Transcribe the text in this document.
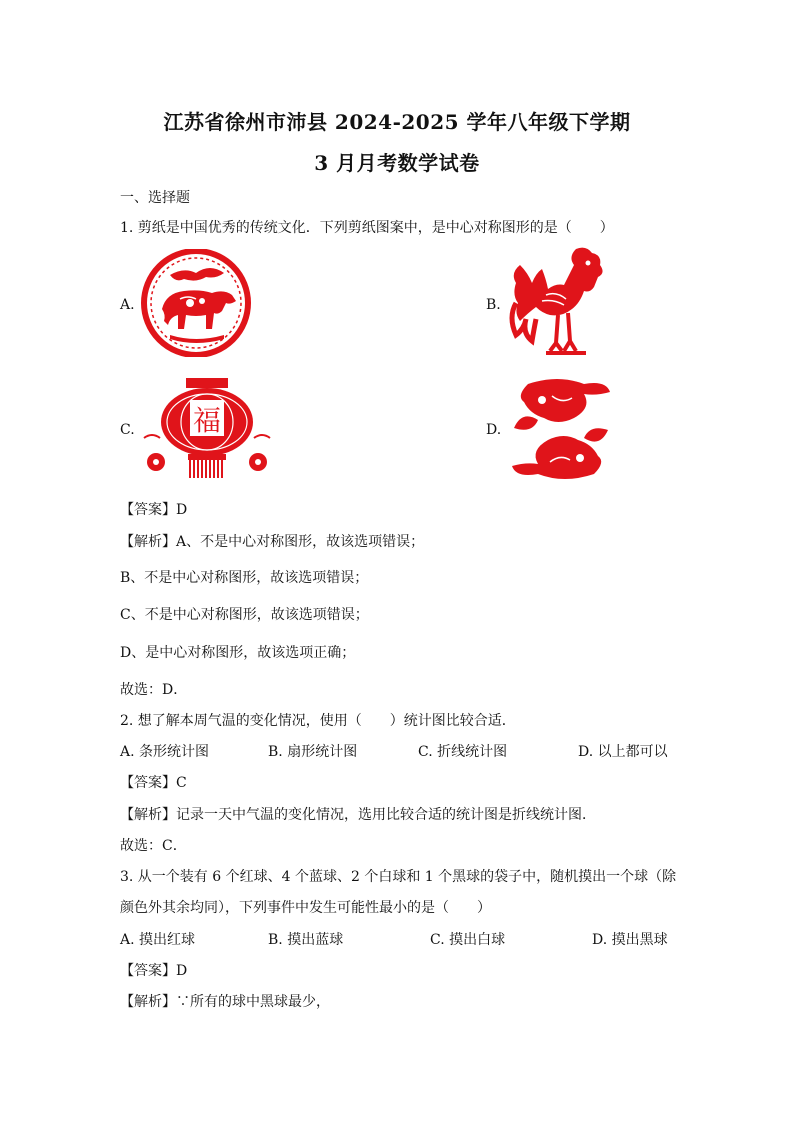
江苏省徐州市沛县 2024-2025 学年八年级下学期
3 月月考数学试卷
一、选择题
1. 剪纸是中国优秀的传统文化．下列剪纸图案中，是中心对称图形的是（　　）
A.	B.
C.	D.
福
【答案】D
【解析】A、不是中心对称图形，故该选项错误；
B、不是中心对称图形，故该选项错误；
C、不是中心对称图形，故该选项错误；
D、是中心对称图形，故该选项正确；
故选：D．
2. 想了解本周气温的变化情况，使用（　　）统计图比较合适．
A. 条形统计图	B. 扇形统计图	C. 折线统计图	D. 以上都可以
【答案】C
【解析】记录一天中气温的变化情况，选用比较合适的统计图是折线统计图．
故选：C．
3. 从一个装有 6 个红球、4 个蓝球、2 个白球和 1 个黑球的袋子中，随机摸出一个球（除
颜色外其余均同），下列事件中发生可能性最小的是（　　）
A. 摸出红球	B. 摸出蓝球	C. 摸出白球	D. 摸出黑球
【答案】D
【解析】∵所有的球中黑球最少，
